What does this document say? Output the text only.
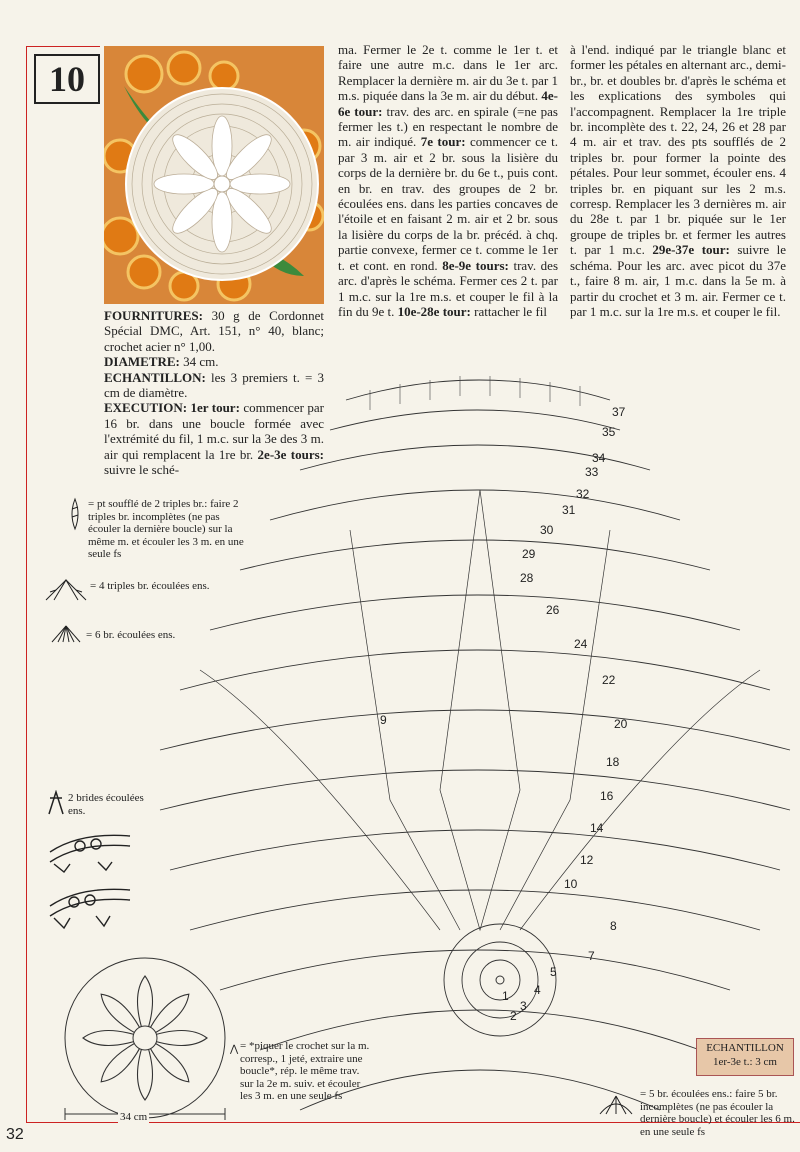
10
FOURNITURES: 30 g de Cordonnet Spécial DMC, Art. 151, n° 40, blanc; crochet acier n° 1,00.
DIAMETRE: 34 cm.
ECHANTILLON: les 3 premiers t. = 3 cm de diamètre.
EXECUTION: 1er tour: commencer par 16 br. dans une boucle formée avec l'extrémité du fil, 1 m.c. sur la 3e des 3 m. air qui remplacent la 1re br. 2e-3e tours: suivre le sché-
ma. Fermer le 2e t. comme le 1er t. et faire une autre m.c. dans le 1er arc. Remplacer la dernière m. air du 3e t. par 1 m.s. piquée dans la 3e m. air du début. 4e-6e tour: trav. des arc. en spirale (=ne pas fermer les t.) en respectant le nombre de m. air indiqué. 7e tour: commencer ce t. par 3 m. air et 2 br. sous la lisière du corps de la dernière br. du 6e t., puis cont. en br. en trav. des groupes de 2 br. écoulées ens. dans les parties concaves de l'étoile et en faisant 2 m. air et 2 br. sous la lisière du corps de la br. précéd. à chq. partie convexe, fermer ce t. comme le 1er t. et cont. en rond. 8e-9e tours: trav. des arc. d'après le schéma. Fermer ces 2 t. par 1 m.c. sur la 1re m.s. et couper le fil à la fin du 9e t. 10e-28e tour: rattacher le fil
à l'end. indiqué par le triangle blanc et former les pétales en alternant arc., demi-br., br. et doubles br. d'après le schéma et les explications des symboles qui l'accompagnent. Remplacer la 1re triple br. incomplète des t. 22, 24, 26 et 28 par 4 m. air et trav. des pts soufflés de 2 triples br. pour former la pointe des pétales. Pour leur sommet, écouler ens. 4 triples br. en piquant sur les 2 m.s. corresp. Remplacer les 3 dernières m. air du 28e t. par 1 br. piquée sur le 1er groupe de triples br. et fermer les autres t. par 1 m.c. 29e-37e tour: suivre le schéma. Pour les arc. avec picot du 37e t., faire 8 m. air, 1 m.c. dans la 5e m. à partir du crochet et 3 m. air. Fermer ce t. par 1 m.c. sur la 1re m.s. et couper le fil.
= pt soufflé de 2 triples br.: faire 2 triples br. incomplètes (ne pas écouler la dernière boucle) sur la même m. et écouler les 3 m. en une seule fs
= 4 triples br. écoulées ens.
= 6 br. écoulées ens.
2 brides écoulées ens.
37
35
34
33
32
31
30
29
28
26
24
22
20
18
16
14
12
10
9
8
7
5
4
3
2
1
34 cm
⋀ = *piquer le crochet sur la m. corresp., 1 jeté, extraire une boucle*, rép. le même trav. sur la 2e m. suiv. et écouler les 3 m. en une seule fs	= 5 br. écoulées ens.: faire 5 br. incomplètes (ne pas écouler la dernière boucle) et écouler les 6 m. en une seule fs
ECHANTILLON
1er-3e t.: 3 cm
32
